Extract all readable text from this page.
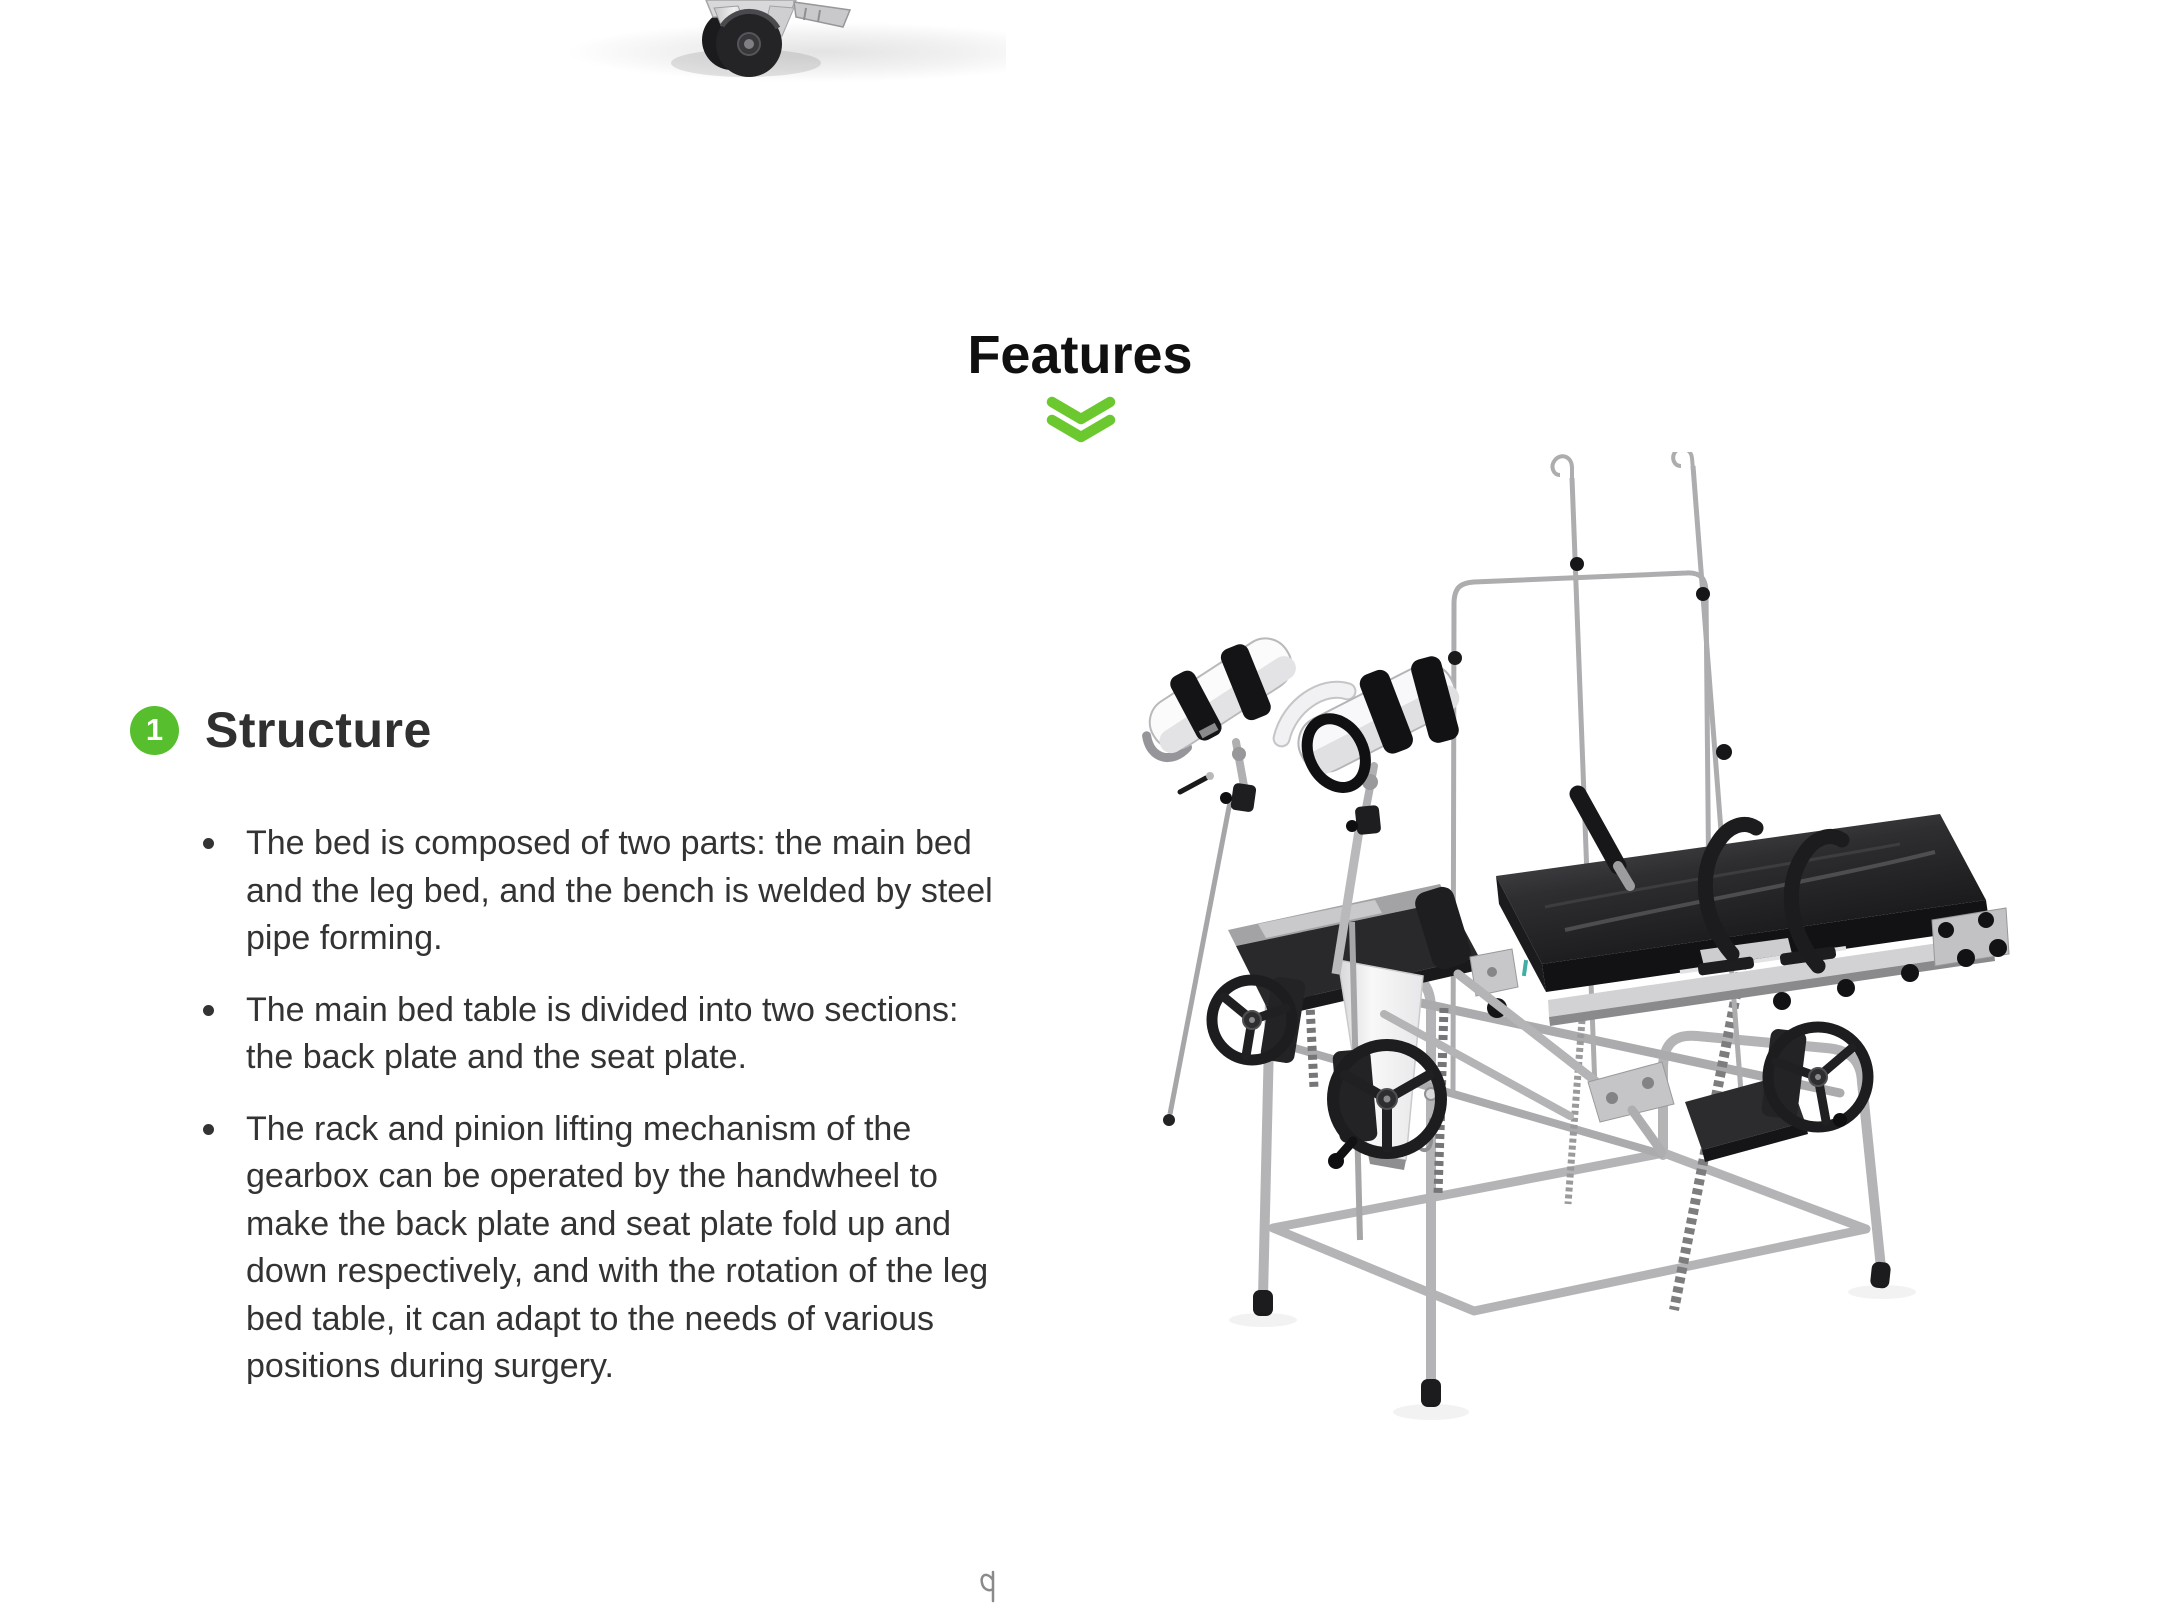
Features
1 Structure
The bed is composed of two parts: the main bed and the leg bed, and the bench is welded by steel pipe forming.
The main bed table is divided into two sections: the back plate and the seat plate.
The rack and pinion lifting mechanism of the gearbox can be operated by the handwheel to make the back plate and seat plate fold up and down respectively, and with the rotation of the leg bed table, it can adapt to the needs of various positions during surgery.
